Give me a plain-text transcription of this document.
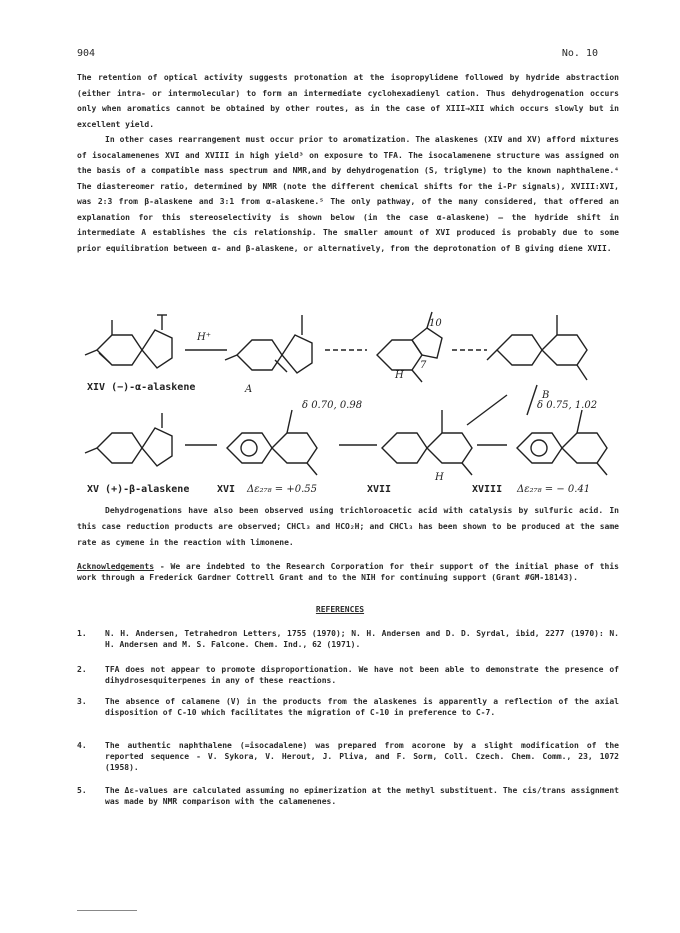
904	No. 10

The retention of optical activity suggests protonation at the isopropylidene followed by hydride abstraction (either intra- or intermolecular) to form an intermediate cyclohexadienyl cation. Thus dehydrogenation occurs only when aromatics cannot be obtained by other routes, as in the case of XIII→XII which occurs slowly but in excellent yield.

In other cases rearrangement must occur prior to aromatization. The alaskenes (XIV and XV) afford mixtures of isocalamenenes XVI and XVIII in high yield³ on exposure to TFA. The isocalamenene structure was assigned on the basis of a compatible mass spectrum and NMR,and by dehydrogenation (S, triglyme) to the known naphthalene.⁴ The diastereomer ratio, determined by NMR (note the different chemical shifts for the i-Pr signals), XVIII:XVI, was 2:3 from β-alaskene and 3:1 from α-alaskene.⁵ The only pathway, of the many considered, that offered an explanation for this stereoselectivity is shown below (in the case α-alaskene) — the hydride shift in intermediate A establishes the cis relationship. The smaller amount of XVI produced is probably due to some prior equilibration between α- and β-alaskene, or alternatively, from the deprotonation of B giving diene XVII.

H⁺
10
7
H
A
B
XIV (−)-α-alaskene
δ 0.70, 0.98	δ 0.75, 1.02
H
XV (+)-β-alaskene	XVI Δε₂₇₈ = +0.55	XVII	XVIII Δε₂₇₈ = − 0.41
Dehydrogenations have also been observed using trichloroacetic acid with catalysis by sulfuric acid. In this case reduction products are observed; CHCl₃ and HCO₂H; and CHCl₃ has been shown to be produced at the same rate as cymene in the reaction with limonene.
Acknowledgements - We are indebted to the Research Corporation for their support of the initial phase of this work through a Frederick Gardner Cottrell Grant and to the NIH for continuing support (Grant #GM-18143).
REFERENCES
1.	N. H. Andersen, Tetrahedron Letters, 1755 (1970); N. H. Andersen and D. D. Syrdal, ibid, 2277 (1970): N. H. Andersen and M. S. Falcone. Chem. Ind., 62 (1971).
2.	TFA does not appear to promote disproportionation. We have not been able to demonstrate the presence of dihydrosesquiterpenes in any of these reactions.
3.	The absence of calamene (V) in the products from the alaskenes is apparently a reflection of the axial disposition of C-10 which facilitates the migration of C-10 in preference to C-7.
4.	The authentic naphthalene (=isocadalene) was prepared from acorone by a slight modification of the reported sequence - V. Sykora, V. Herout, J. Pliva, and F. Sorm, Coll. Czech. Chem. Comm., 23, 1072 (1958).
5.	The Δε-values are calculated assuming no epimerization at the methyl substituent. The cis/trans assignment was made by NMR comparison with the calamenenes.
